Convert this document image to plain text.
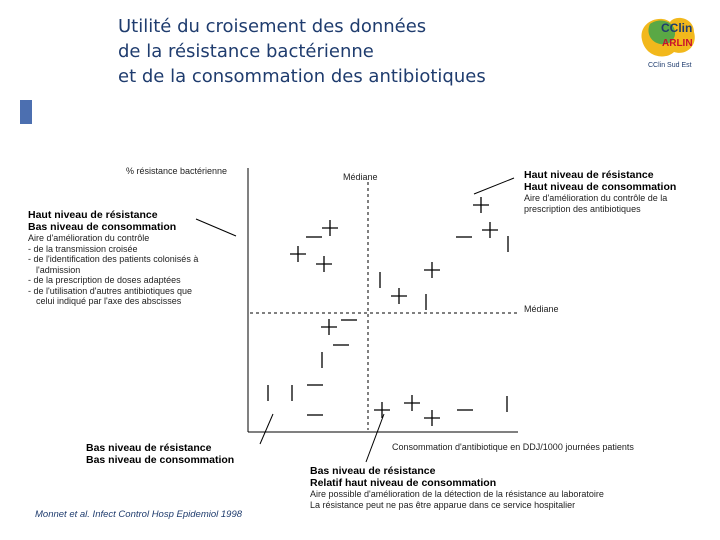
Utilité du croisement des données
de la résistance bactérienne
et de la consommation des antibiotiques
CClin
ARLIN
CClin Sud Est
% résistance bactérienne
Médiane
Médiane
Consommation d'antibiotique en DDJ/1000 journées patients
Haut niveau de résistance
Haut niveau de consommation
Aire d'amélioration du contrôle de la
prescription des antibiotiques
Haut niveau de résistance
Bas niveau de consommation
Aire d'amélioration du contrôle
- de la transmission croisée
- de l'identification des patients colonisés à
l'admission
- de la prescription de doses adaptées
- de l'utilisation d'autres antibiotiques que
celui indiqué par l'axe des abscisses
Bas niveau de résistance
Bas niveau de consommation
Bas niveau de résistance
Relatif haut niveau de consommation
Aire possible d'amélioration de la détection de la résistance au laboratoire
La résistance peut ne pas être apparue dans ce service hospitalier
Monnet et al. Infect Control Hosp Epidemiol 1998
